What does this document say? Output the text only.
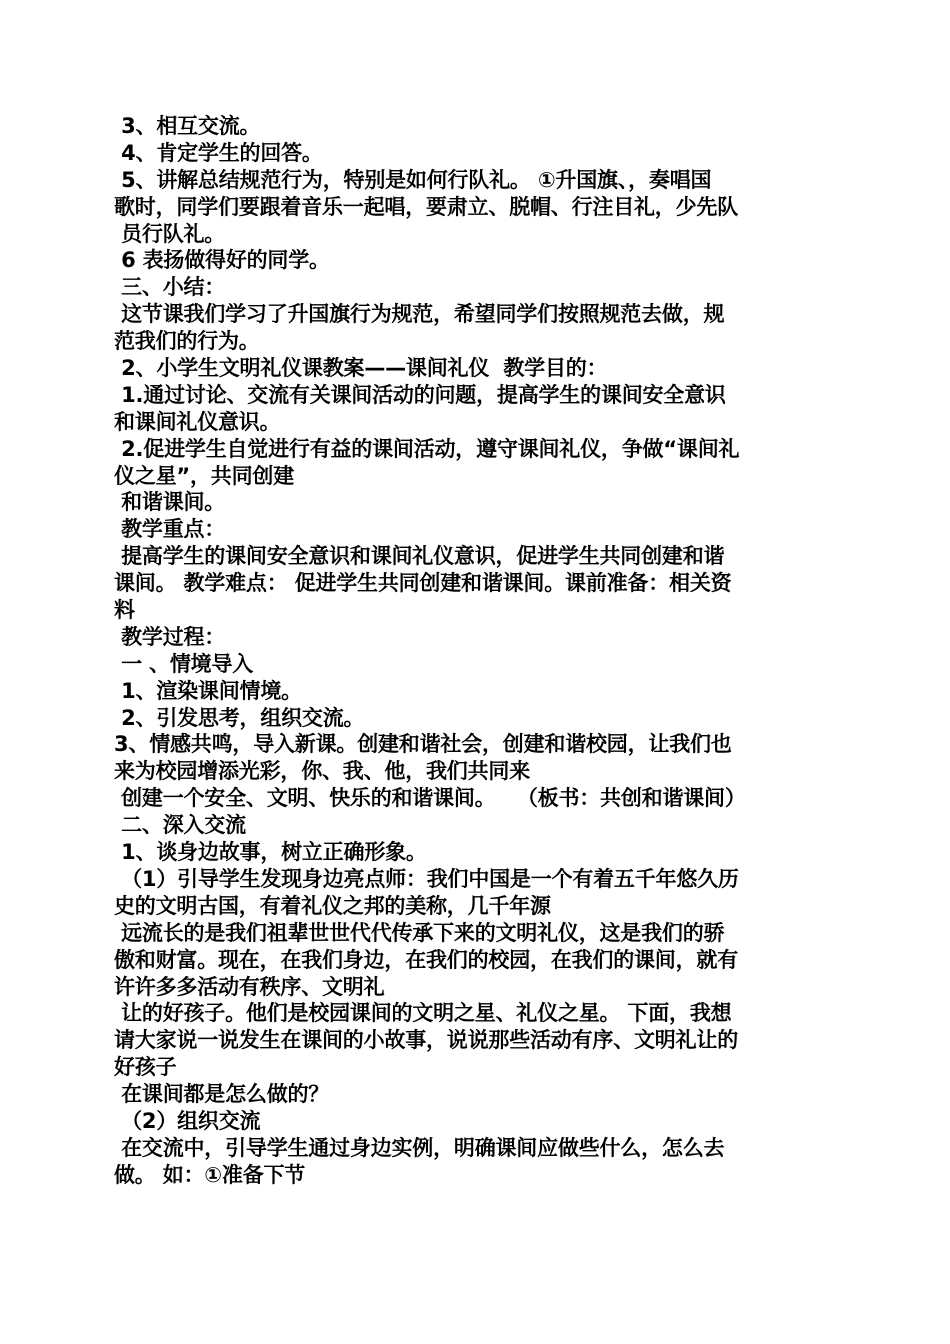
3、相互交流。
4、肯定学生的回答。
5、讲解总结规范行为，特别是如何行队礼。 ①升国旗、，奏唱国
歌时，同学们要跟着音乐一起唱，要肃立、脱帽、行注目礼，少先队
员行队礼。
6 表扬做得好的同学。
三、小结：
这节课我们学习了升国旗行为规范，希望同学们按照规范去做，规
范我们的行为。
2、小学生文明礼仪课教案——课间礼仪  教学目的：
1.通过讨论、交流有关课间活动的问题，提高学生的课间安全意识
和课间礼仪意识。
2.促进学生自觉进行有益的课间活动，遵守课间礼仪，争做“课间礼
仪之星”，共同创建
和谐课间。
教学重点：
提高学生的课间安全意识和课间礼仪意识，促进学生共同创建和谐
课间。 教学难点： 促进学生共同创建和谐课间。课前准备：相关资
料
教学过程：
一 、情境导入
1、渲染课间情境。
2、引发思考，组织交流。
3、情感共鸣，导入新课。创建和谐社会，创建和谐校园，让我们也
来为校园增添光彩，你、我、他，我们共同来
创建一个安全、文明、快乐的和谐课间。   （板书：共创和谐课间）
二、深入交流
1、谈身边故事，树立正确形象。
（1）引导学生发现身边亮点师：我们中国是一个有着五千年悠久历
史的文明古国，有着礼仪之邦的美称，几千年源
远流长的是我们祖辈世世代代传承下来的文明礼仪，这是我们的骄
傲和财富。现在，在我们身边，在我们的校园，在我们的课间，就有
许许多多活动有秩序、文明礼
让的好孩子。他们是校园课间的文明之星、礼仪之星。 下面，我想
请大家说一说发生在课间的小故事，说说那些活动有序、文明礼让的
好孩子
在课间都是怎么做的？
（2）组织交流
在交流中，引导学生通过身边实例，明确课间应做些什么，怎么去
做。 如：①准备下节
